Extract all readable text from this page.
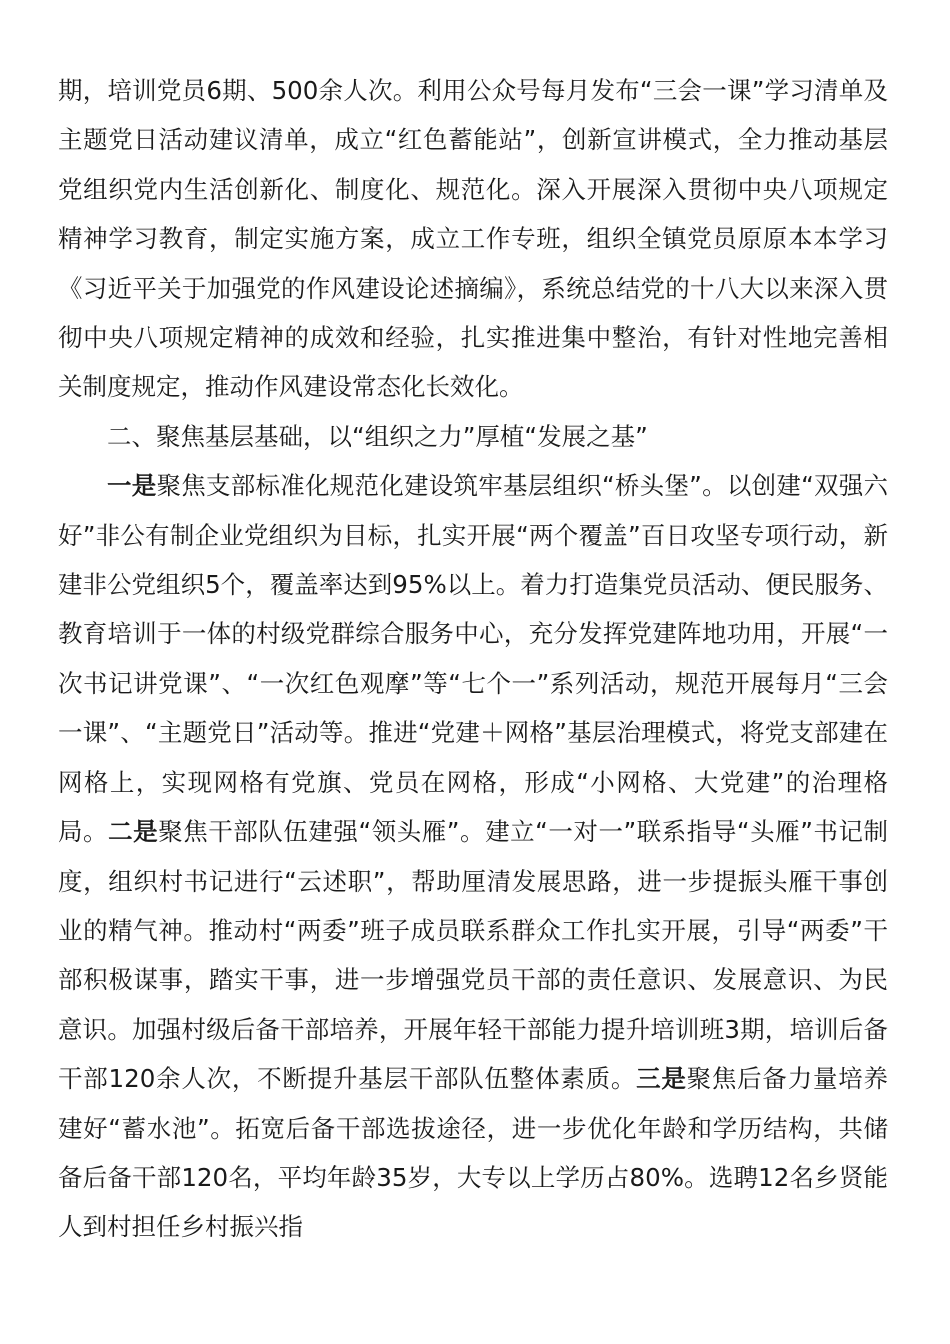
期，培训党员6期、500余人次。利用公众号每月发布“三会一课”学习清单及主题党日活动建议清单，成立“红色蓄能站”，创新宣讲模式，全力推动基层党组织党内生活创新化、制度化、规范化。深入开展深入贯彻中央八项规定精神学习教育，制定实施方案，成立工作专班，组织全镇党员原原本本学习《习近平关于加强党的作风建设论述摘编》，系统总结党的十八大以来深入贯彻中央八项规定精神的成效和经验，扎实推进集中整治，有针对性地完善相关制度规定，推动作风建设常态化长效化。

二、聚焦基层基础，以“组织之力”厚植“发展之基”

一是聚焦支部标准化规范化建设筑牢基层组织“桥头堡”。以创建“双强六好”非公有制企业党组织为目标，扎实开展“两个覆盖”百日攻坚专项行动，新建非公党组织5个，覆盖率达到95%以上。着力打造集党员活动、便民服务、教育培训于一体的村级党群综合服务中心，充分发挥党建阵地功用，开展“一次书记讲党课”、“一次红色观摩”等“七个一”系列活动，规范开展每月“三会一课”、“主题党日”活动等。推进“党建＋网格”基层治理模式，将党支部建在网格上，实现网格有党旗、党员在网格，形成“小网格、大党建”的治理格局。二是聚焦干部队伍建强“领头雁”。建立“一对一”联系指导“头雁”书记制度，组织村书记进行“云述职”，帮助厘清发展思路，进一步提振头雁干事创业的精气神。推动村“两委”班子成员联系群众工作扎实开展，引导“两委”干部积极谋事，踏实干事，进一步增强党员干部的责任意识、发展意识、为民意识。加强村级后备干部培养，开展年轻干部能力提升培训班3期，培训后备干部120余人次，不断提升基层干部队伍整体素质。三是聚焦后备力量培养建好“蓄水池”。拓宽后备干部选拔途径，进一步优化年龄和学历结构，共储备后备干部120名，平均年龄35岁，大专以上学历占80%。选聘12名乡贤能人到村担任乡村振兴指
